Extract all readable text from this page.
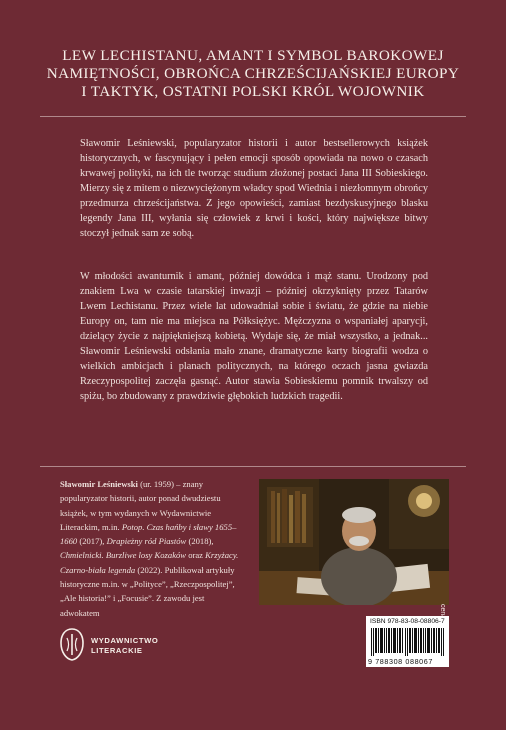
LEW LECHISTANU, AMANT I SYMBOL BAROKOWEJ
NAMIĘTNOŚCI, OBROŃCA CHRZEŚCIJAŃSKIEJ EUROPY
I TAKTYK, OSTATNI POLSKI KRÓL WOJOWNIK
Sławomir Leśniewski, popularyzator historii i autor bestsellerowych książek historycznych, w fascynujący i pełen emocji sposób opowiada na nowo o czasach krwawej polityki, na ich tle tworząc studium złożonej postaci Jana III Sobieskiego. Mierzy się z mitem o niezwyciężonym władcy spod Wiednia i niezłomnym obrońcy przedmurza chrześcijaństwa. Z jego opowieści, zamiast bezdyskusyjnego blasku legendy Jana III, wyłania się człowiek z krwi i kości, który największe bitwy stoczył jednak sam ze sobą.
W młodości awanturnik i amant, później dowódca i mąż stanu. Urodzony pod znakiem Lwa w czasie tatarskiej inwazji – później okrzyknięty przez Tatarów Lwem Lechistanu. Przez wiele lat udowadniał sobie i światu, że gdzie na niebie Europy on, tam nie ma miejsca na Półksiężyc. Mężczyzna o wspaniałej aparycji, dzielący życie z najpiękniejszą kobietą. Wydaje się, że miał wszystko, a jednak... Sławomir Leśniewski odsłania mało znane, dramatyczne karty biografii wodza o wielkich ambicjach i planach politycznych, na którego oczach jasna gwiazda Rzeczypospolitej zaczęła gasnąć. Autor stawia Sobieskiemu pomnik trwalszy od spiżu, bo zbudowany z prawdziwie głębokich ludzkich tragedii.
Sławomir Leśniewski (ur. 1959) – znany popularyzator historii, autor ponad dwudziestu książek, w tym wydanych w Wydawnictwie Literackim, m.in. Potop. Czas hańby i sławy 1655–1660 (2017), Drapieżny ród Piastów (2018), Chmielnicki. Burzliwe losy Kozaków oraz Krzyżacy. Czarno-biała legenda (2022). Publikował artykuły historyczne m.in. w „Polityce”, „Rzeczpospolitej”, „Ale historia!” i „Focusie”. Z zawodu jest adwokatem
ISBN 978-83-08-08806-7
9 788308 088067
WYDAWNICTWO
LITERACKIE
